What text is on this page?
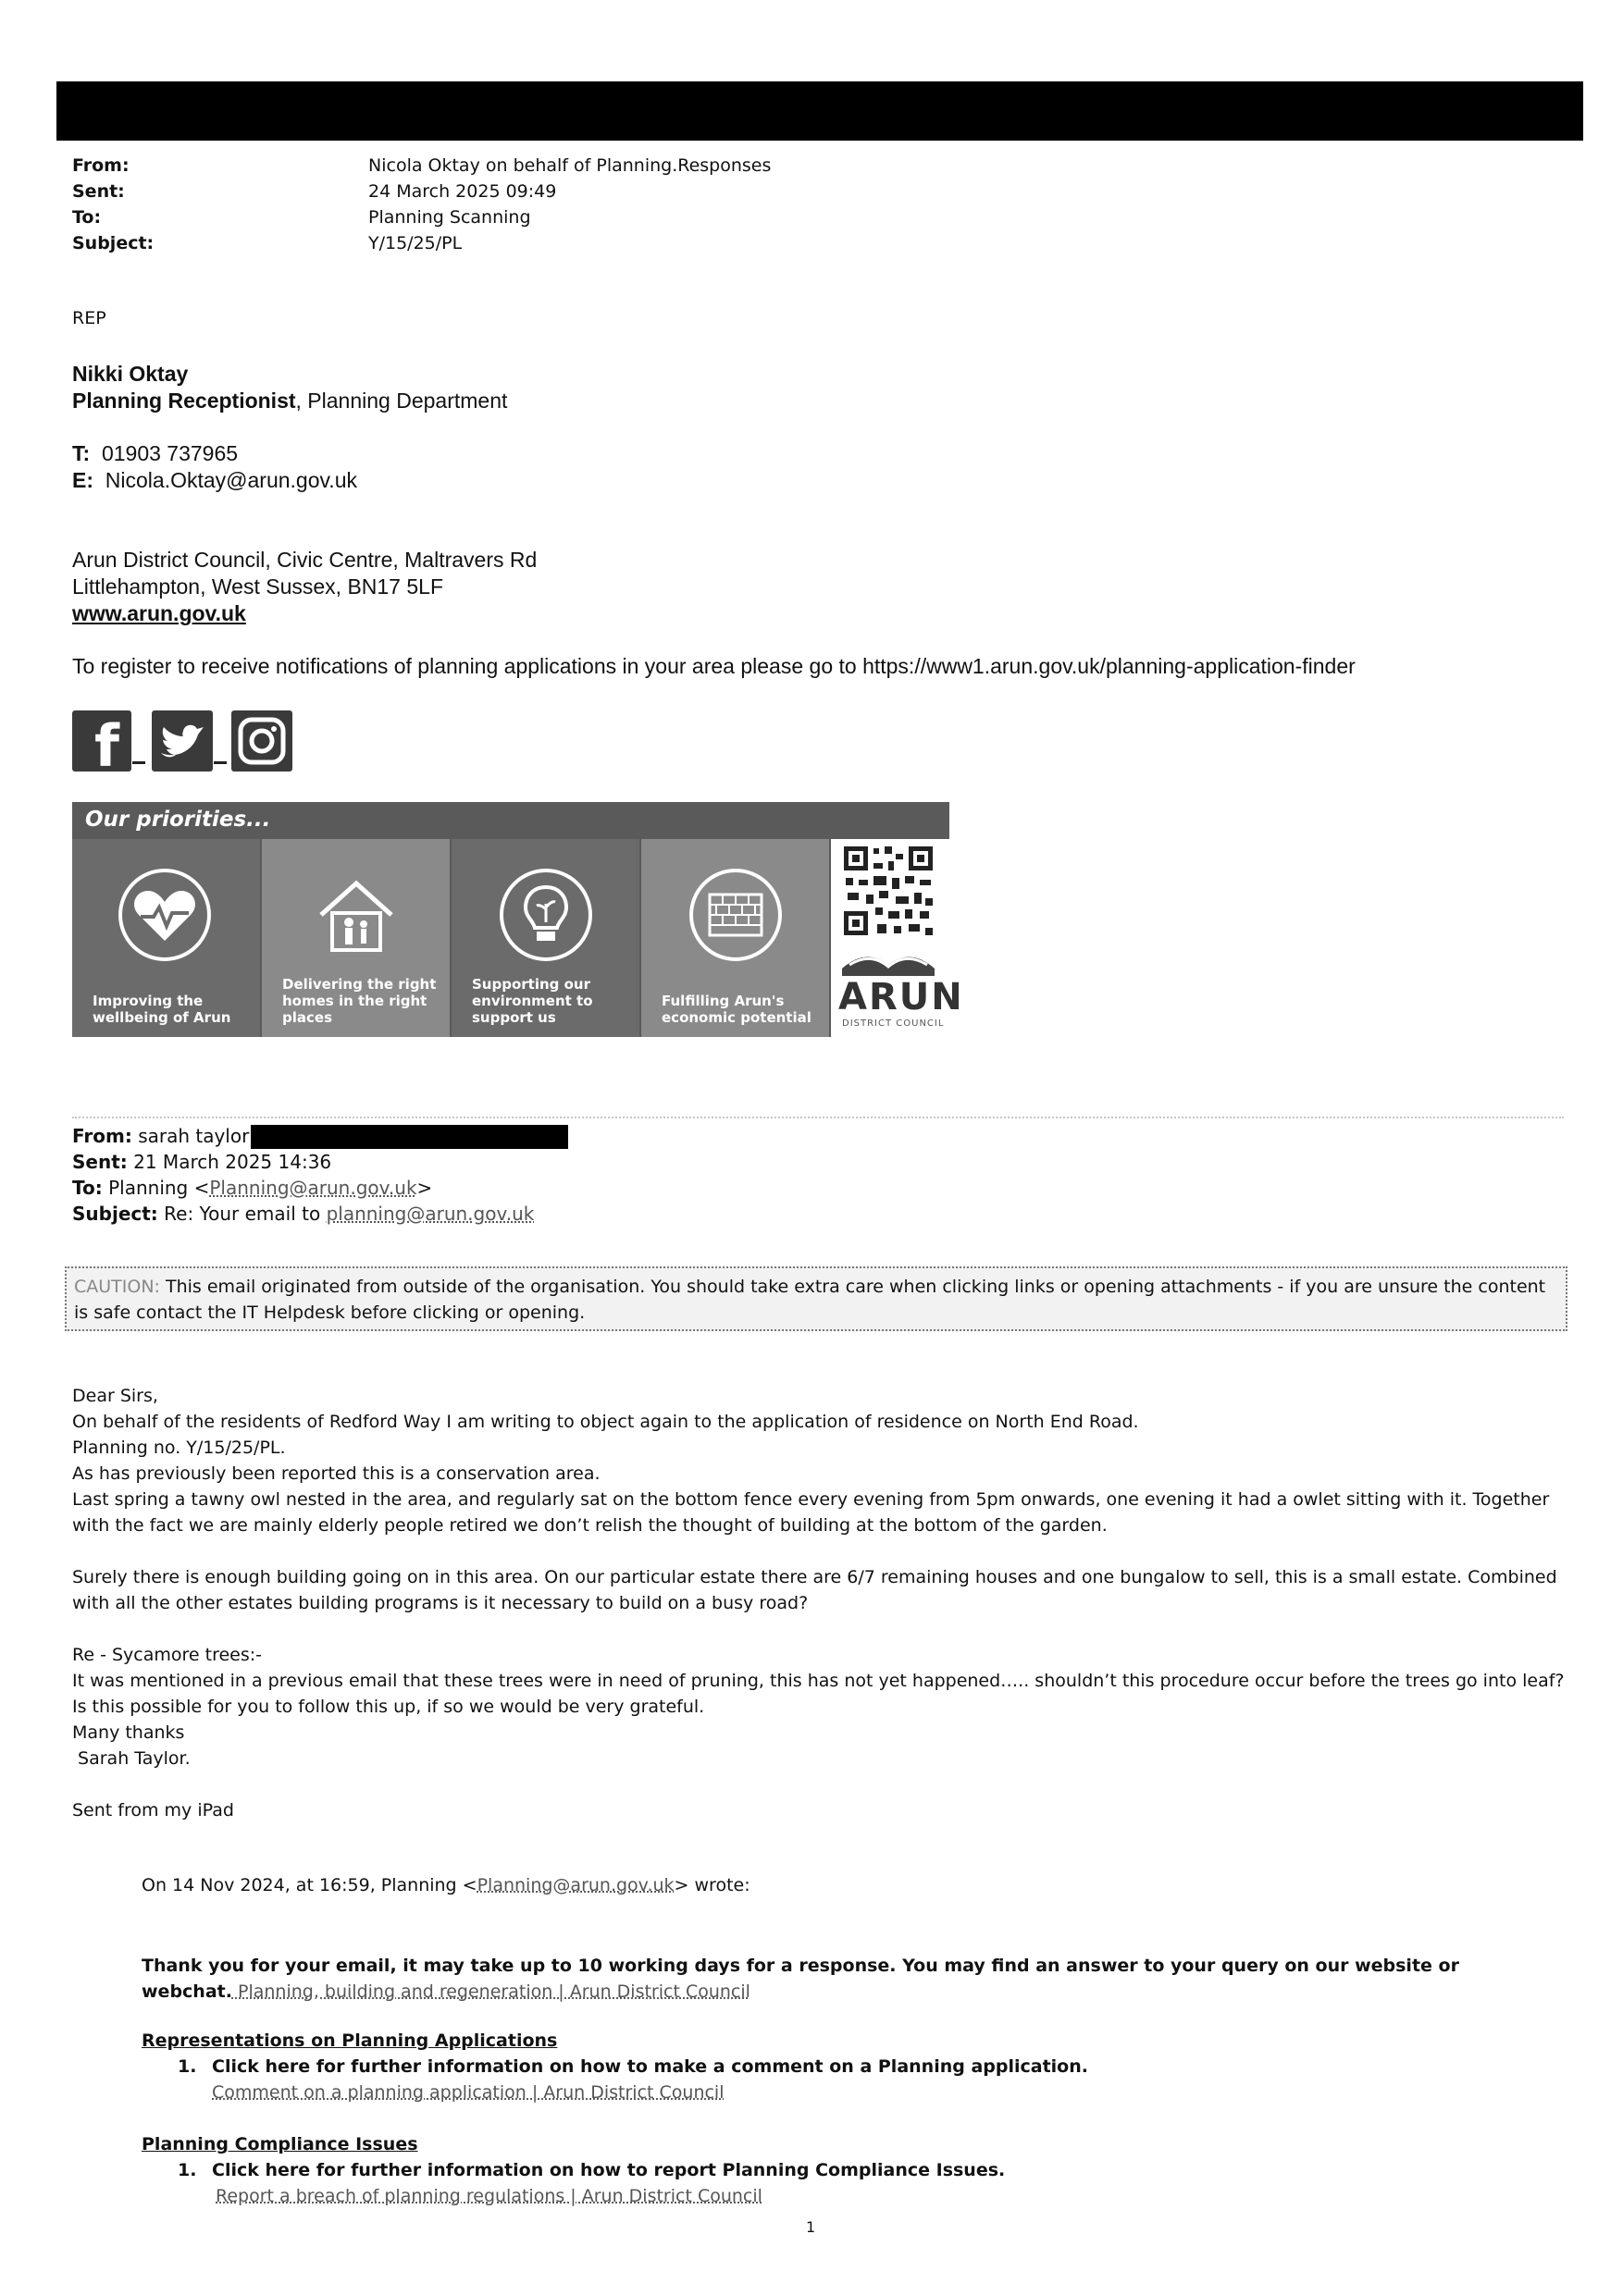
From:	Nicola Oktay on behalf of Planning.Responses
Sent:	24 March 2025 09:49
To:	Planning Scanning
Subject:	Y/15/25/PL
REP
Nikki Oktay
Planning Receptionist, Planning Department
T: 01903 737965
E: Nicola.Oktay@arun.gov.uk
Arun District Council, Civic Centre, Maltravers Rd
Littlehampton, West Sussex, BN17 5LF
www.arun.gov.uk
To register to receive notifications of planning applications in your area please go to https://www1.arun.gov.uk/planning-application-finder
f
Our priorities...
Improving the wellbeing of Arun
Delivering the right homes in the right places
Supporting our environment to support us
Fulfilling Arun's economic potential ARUN
DISTRICT COUNCIL
From: sarah taylor
Sent: 21 March 2025 14:36
To: Planning <Planning@arun.gov.uk>
Subject: Re: Your email to planning@arun.gov.uk
CAUTION: This email originated from outside of the organisation. You should take extra care when clicking links or opening attachments - if you are unsure the content is safe contact the IT Helpdesk before clicking or opening.
Dear Sirs,
On behalf of the residents of Redford Way I am writing to object again to the application of residence on North End Road.
Planning no. Y/15/25/PL.
As has previously been reported this is a conservation area.
Last spring a tawny owl nested in the area, and regularly sat on the bottom fence every evening from 5pm onwards, one evening it had a owlet sitting with it. Together with the fact we are mainly elderly people retired we don’t relish the thought of building at the bottom of the garden.
Surely there is enough building going on in this area. On our particular estate there are 6/7 remaining houses and one bungalow to sell, this is a small estate. Combined with all the other estates building programs is it necessary to build on a busy road?
Re - Sycamore trees:-
It was mentioned in a previous email that these trees were in need of pruning, this has not yet happened….. shouldn’t this procedure occur before the trees go into leaf? Is this possible for you to follow this up, if so we would be very grateful.
Many thanks
Sarah Taylor.
Sent from my iPad
On 14 Nov 2024, at 16:59, Planning <Planning@arun.gov.uk> wrote:
Thank you for your email, it may take up to 10 working days for a response. You may find an answer to your query on our website or webchat. Planning, building and regeneration | Arun District Council
Representations on Planning Applications
1. Click here for further information on how to make a comment on a Planning application.
Comment on a planning application | Arun District Council
Planning Compliance Issues
1. Click here for further information on how to report Planning Compliance Issues.
Report a breach of planning regulations | Arun District Council
1
